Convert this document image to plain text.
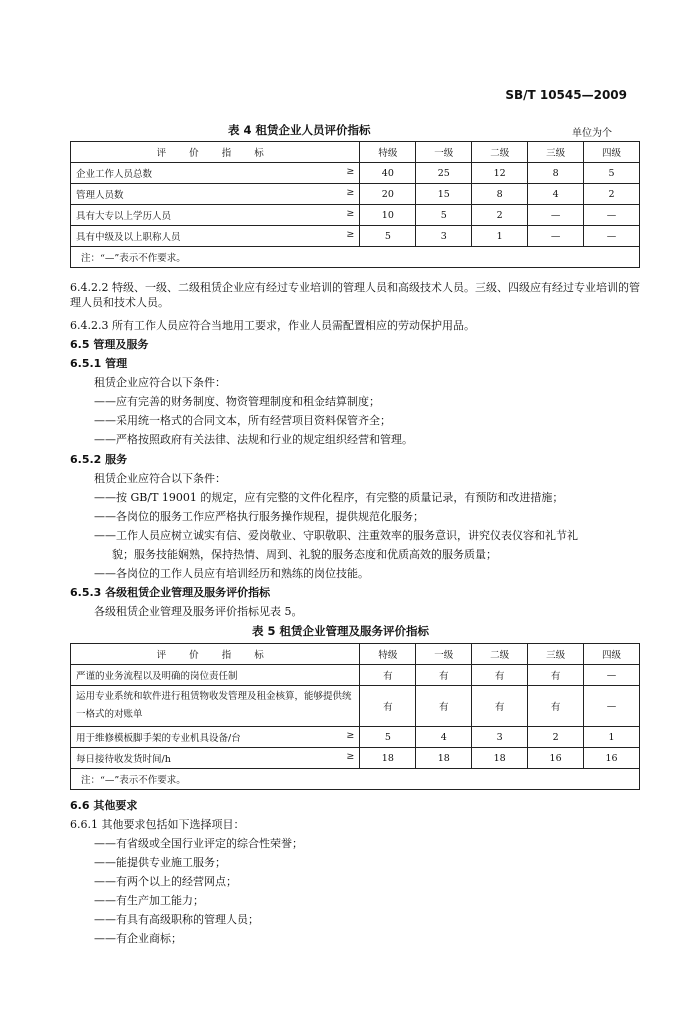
SB/T 10545—2009
表 4 租赁企业人员评价指标	单位为个
评 价 指 标	特级	一级	二级	三级	四级
企业工作人员总数 ≥	40	25	12	8	5
管理人员数 ≥	20	15	8	4	2
具有大专以上学历人员 ≥	10	5	2	—	—
具有中级及以上职称人员 ≥	5	3	1	—	—
注：“—”表示不作要求。					
6.4.2.2 特级、一级、二级租赁企业应有经过专业培训的管理人员和高级技术人员。三级、四级应有经过专业培训的管理人员和技术人员。
6.4.2.3 所有工作人员应符合当地用工要求，作业人员需配置相应的劳动保护用品。
6.5 管理及服务
6.5.1 管理
租赁企业应符合以下条件：
——应有完善的财务制度、物资管理制度和租金结算制度；
——采用统一格式的合同文本，所有经营项目资料保管齐全；
——严格按照政府有关法律、法规和行业的规定组织经营和管理。
6.5.2 服务
租赁企业应符合以下条件：
——按 GB/T 19001 的规定，应有完整的文件化程序，有完整的质量记录，有预防和改进措施；
——各岗位的服务工作应严格执行服务操作规程，提供规范化服务；
——工作人员应树立诚实有信、爱岗敬业、守职敬职、注重效率的服务意识，讲究仪表仪容和礼节礼
貌；服务技能娴熟，保持热情、周到、礼貌的服务态度和优质高效的服务质量；
——各岗位的工作人员应有培训经历和熟练的岗位技能。
6.5.3 各级租赁企业管理及服务评价指标
各级租赁企业管理及服务评价指标见表 5。
表 5 租赁企业管理及服务评价指标
评 价 指 标	特级	一级	二级	三级	四级
严谨的业务流程以及明确的岗位责任制	有	有	有	有	—
运用专业系统和软件进行租赁物收发管理及租金核算，能够提供统一格式的对账单	有	有	有	有	—
用于维修模板脚手架的专业机具设备/台 ≥	5	4	3	2	1
每日接待收发货时间/h ≥	18	18	18	16	16
注：“—”表示不作要求。					
6.6 其他要求
6.6.1 其他要求包括如下选择项目：
——有省级或全国行业评定的综合性荣誉；
——能提供专业施工服务；
——有两个以上的经营网点；
——有生产加工能力；
——有具有高级职称的管理人员；
——有企业商标；
